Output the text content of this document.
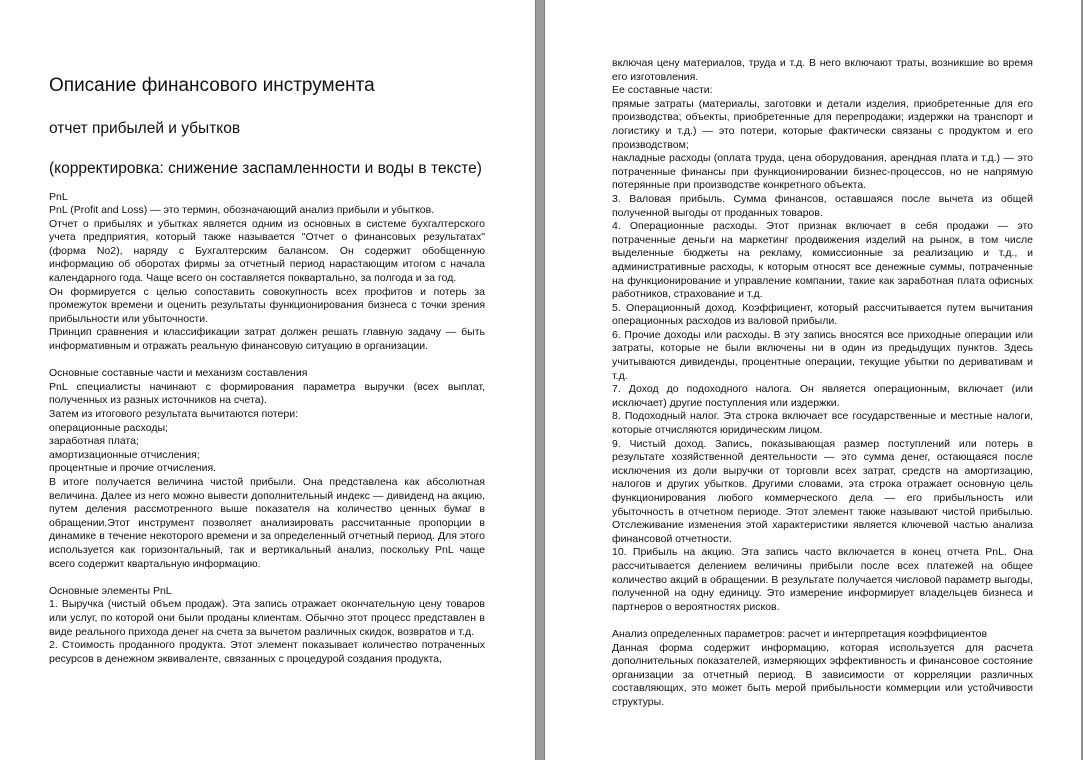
Описание финансового инструмента
отчет прибылей и убытков
(корректировка: снижение заспамленности и воды в тексте)

PnL

PnL (Profit and Loss) — это термин, обозначающий анализ прибыли и убытков.

Отчет о прибылях и убытках является одним из основных в системе бухгалтерского учета предприятия, который также называется "Отчет о финансовых результатах" (форма No2), наряду с Бухгалтерским балансом. Он содержит обобщенную информацию об оборотах фирмы за отчетный период нарастающим итогом с начала календарного года. Чаще всего он составляется поквартально, за полгода и за год.

Он формируется с целью сопоставить совокупность всех профитов и потерь за промежуток времени и оценить результаты функционирования бизнеса с точки зрения прибыльности или убыточности.

Принцип сравнения и классификации затрат должен решать главную задачу — быть информативным и отражать реальную финансовую ситуацию в организации.

Основные составные части и механизм составления

PnL специалисты начинают с формирования параметра выручки (всех выплат, полученных из разных источников на счета).

Затем из итогового результата вычитаются потери:

операционные расходы;

заработная плата;

амортизационные отчисления;

процентные и прочие отчисления.

В итоге получается величина чистой прибыли. Она представлена как абсолютная величина. Далее из него можно вывести дополнительный индекс — дивиденд на акцию, путем деления рассмотренного выше показателя на количество ценных бумаг в обращении.Этот инструмент позволяет анализировать рассчитанные пропорции в динамике в течение некоторого времени и за определенный отчетный период. Для этого используется как горизонтальный, так и вертикальный анализ, поскольку PnL чаще всего содержит квартальную информацию.

Основные элементы PnL

1. Выручка (чистый объем продаж). Эта запись отражает окончательную цену товаров или услуг, по которой они были проданы клиентам. Обычно этот процесс представлен в виде реального прихода денег на счета за вычетом различных скидок, возвратов и т.д.

2. Стоимость проданного продукта. Этот элемент показывает количество потраченных ресурсов в денежном эквиваленте, связанных с процедурой создания продукта,

включая цену материалов, труда и т.д. В него включают траты, возникшие во время его изготовления.

Ее составные части:

прямые затраты (материалы, заготовки и детали изделия, приобретенные для его производства; объекты, приобретенные для перепродажи; издержки на транспорт и логистику и т.д.) — это потери, которые фактически связаны с продуктом и его производством;

накладные расходы (оплата труда, цена оборудования, арендная плата и т.д.) — это потраченные финансы при функционировании бизнес-процессов, но не напрямую потерянные при производстве конкретного объекта.

3. Валовая прибыль. Сумма финансов, оставшаяся после вычета из общей полученной выгоды от проданных товаров.

4. Операционные расходы. Этот признак включает в себя продажи — это потраченные деньги на маркетинг продвижения изделий на рынок, в том числе выделенные бюджеты на рекламу, комиссионные за реализацию и т.д., и административные расходы, к которым относят все денежные суммы, потраченные на функционирование и управление компании, такие как заработная плата офисных работников, страхование и т.д.

5. Операционный доход. Коэффициент, который рассчитывается путем вычитания операционных расходов из валовой прибыли.

6. Прочие доходы или расходы. В эту запись вносятся все приходные операции или затраты, которые не были включены ни в один из предыдущих пунктов. Здесь учитываются дивиденды, процентные операции, текущие убытки по деривативам и т.д.

7. Доход до подоходного налога. Он является операционным, включает (или исключает) другие поступления или издержки.

8. Подоходный налог. Эта строка включает все государственные и местные налоги, которые отчисляются юридическим лицом.

9. Чистый доход. Запись, показывающая размер поступлений или потерь в результате хозяйственной деятельности — это сумма денег, остающаяся после исключения из доли выручки от торговли всех затрат, средств на амортизацию, налогов и других убытков. Другими словами, эта строка отражает основную цель функционирования любого коммерческого дела — его прибыльность или убыточность в отчетном периоде. Этот элемент также называют чистой прибылью. Отслеживание изменения этой характеристики является ключевой частью анализа финансовой отчетности.

10. Прибыль на акцию. Эта запись часто включается в конец отчета PnL. Она рассчитывается делением величины прибыли после всех платежей на общее количество акций в обращении. В результате получается числовой параметр выгоды, полученной на одну единицу. Это измерение информирует владельцев бизнеса и партнеров о вероятностях рисков.

Анализ определенных параметров: расчет и интерпретация коэффициентов

Данная форма содержит информацию, которая используется для расчета дополнительных показателей, измеряющих эффективность и финансовое состояние организации за отчетный период. В зависимости от корреляции различных составляющих, это может быть мерой прибыльности коммерции или устойчивости структуры.
